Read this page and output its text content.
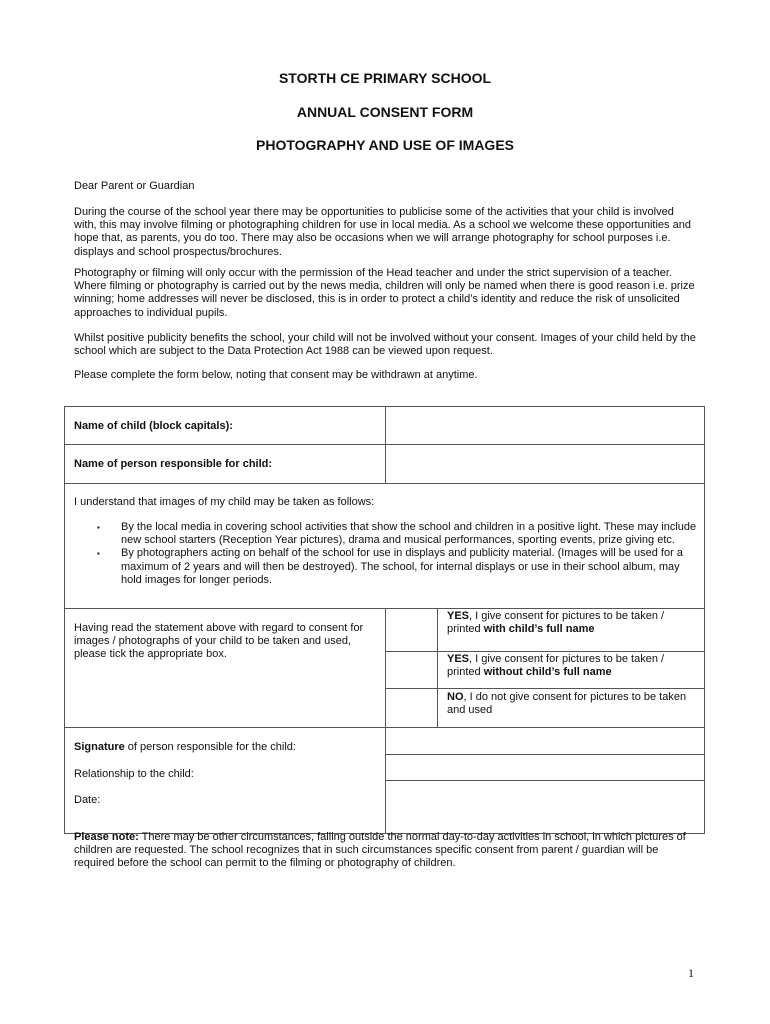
STORTH CE PRIMARY SCHOOL
ANNUAL CONSENT FORM
PHOTOGRAPHY AND USE OF IMAGES
Dear Parent or Guardian
During the course of the school year there may be opportunities to publicise some of the activities that your child is involved with, this may involve filming or photographing children for use in local media. As a school we welcome these opportunities and hope that, as parents, you do too. There may also be occasions when we will arrange photography for school purposes i.e. displays and school prospectus/brochures.
Photography or filming will only occur with the permission of the Head teacher and under the strict supervision of a teacher. Where filming or photography is carried out by the news media, children will only be named when there is good reason i.e. prize winning; home addresses will never be disclosed, this is in order to protect a child’s identity and reduce the risk of unsolicited approaches to individual pupils.
Whilst positive publicity benefits the school, your child will not be involved without your consent. Images of your child held by the school which are subject to the Data Protection Act 1988 can be viewed upon request.
Please complete the form below, noting that consent may be withdrawn at anytime.
Name of child (block capitals):
Name of person responsible for child:
I understand that images of my child may be taken as follows:
▪ By the local media in covering school activities that show the school and children in a positive light. These may include new school starters (Reception Year pictures), drama and musical performances, sporting events, prize giving etc.
▪ By photographers acting on behalf of the school for use in displays and publicity material. (Images will be used for a maximum of 2 years and will then be destroyed). The school, for internal displays or use in their school album, may hold images for longer periods.
Having read the statement above with regard to consent for images / photographs of your child to be taken and used, please tick the appropriate box.
YES, I give consent for pictures to be taken / printed with child’s full name
YES, I give consent for pictures to be taken / printed without child’s full name
NO, I do not give consent for pictures to be taken and used
Signature of person responsible for the child:
Relationship to the child:
Date:
Please note: There may be other circumstances, falling outside the normal day-to-day activities in school, in which pictures of children are requested. The school recognizes that in such circumstances specific consent from parent / guardian will be required before the school can permit to the filming or photography of children.
1
